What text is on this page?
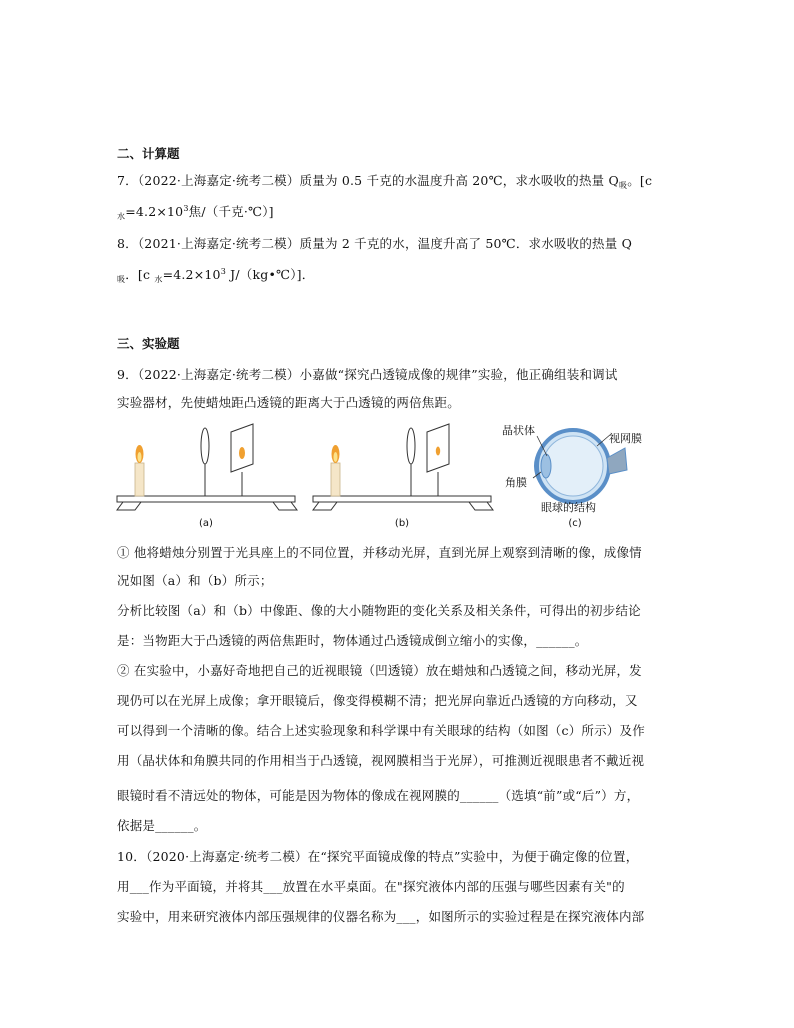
二、计算题
7．（2022·上海嘉定·统考二模）质量为 0.5 千克的水温度升高 20℃，求水吸收的热量 $Q_吸$。[c
$_水=4.2\times 10^3$焦/（千克·℃）]
8．（2021·上海嘉定·统考二模）质量为 2 千克的水，温度升高了 50℃．求水吸收的热量 Q
$_吸$．[c $_水=4.2\times 10^3$ J/（kg•℃）]．
三、实验题
9．（2022·上海嘉定·统考二模）小嘉做“探究凸透镜成像的规律”实验，他正确组装和调试
实验器材，先使蜡烛距凸透镜的距离大于凸透镜的两倍焦距。
(a)	(b)
晶状体
视网膜
角膜
眼球的结构
(c)
① 他将蜡烛分别置于光具座上的不同位置，并移动光屏，直到光屏上观察到清晰的像，成像情
况如图（a）和（b）所示；
分析比较图（a）和（b）中像距、像的大小随物距的变化关系及相关条件，可得出的初步结论
是：当物距大于凸透镜的两倍焦距时，物体通过凸透镜成倒立缩小的实像，______。
② 在实验中，小嘉好奇地把自己的近视眼镜（凹透镜）放在蜡烛和凸透镜之间，移动光屏，发
现仍可以在光屏上成像；拿开眼镜后，像变得模糊不清；把光屏向靠近凸透镜的方向移动，又
可以得到一个清晰的像。结合上述实验现象和科学课中有关眼球的结构（如图（c）所示）及作
用（晶状体和角膜共同的作用相当于凸透镜，视网膜相当于光屏），可推测近视眼患者不戴近视
眼镜时看不清远处的物体，可能是因为物体的像成在视网膜的______（选填“前”或“后”）方，
依据是______。
10．（2020·上海嘉定·统考二模）在“探究平面镜成像的特点”实验中，为便于确定像的位置，
用___作为平面镜，并将其___放置在水平桌面。在"探究液体内部的压强与哪些因素有关"的
实验中，用来研究液体内部压强规律的仪器名称为___，如图所示的实验过程是在探究液体内部
